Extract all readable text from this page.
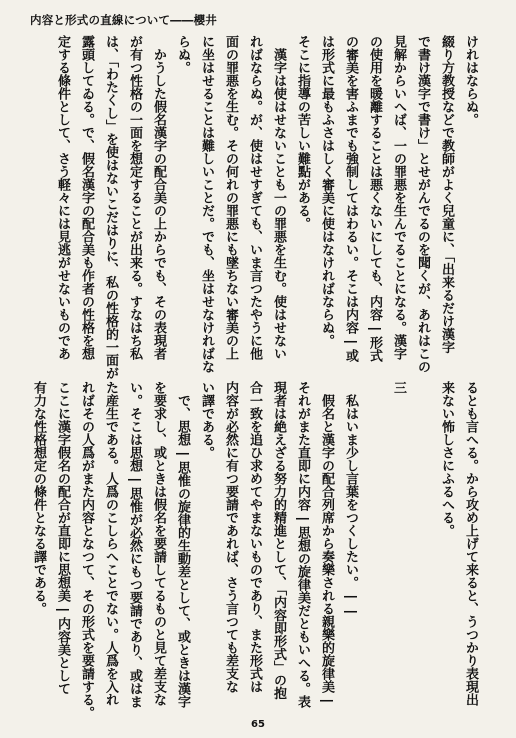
内容と形式の直線について――櫻井
けれはならぬ。
綴り方教授などで教師がよく兒童に、「出来るだけ漢字
で書け漢字で書け」とせがんでるのを聞くが、あれはこの
見解からいへば、一の罪悪を生んでることになる。漢字
の使用を暖離することは悪くないにしても、内容―形式
の審美を害ふまでも強制してはわるい。そこは内容―或
は形式に最もふさはしく審美に使はなければならぬ。
そこに指導の苦しい難點がある。
　漢字は使はせないことも一の罪悪を生む。使はせない
ればならぬ。が、使はせすぎても、いま言つたやうに他
面の罪悪を生む。その何れの罪悪にも墜ちない審美の上
に坐はせることは難しいことだ。でも、坐はせなければな
らぬ。
　かうした假名漢字の配合美の上からでも、その表現者
が有つ性格の一面を想定することが出来る。すなはち私
は、「わたくし」を使はないこだはりに、私の性格的一面が
露頭してゐる。で、假名漢字の配合美も作者の性格を想
定する條件として、さう軽々には見逃がせないものであ
るとも言へる。から攻め上げて来ると、うつかり表現出
来ない怖しさにふるへる。

三

　私はいま少し言葉をつくしたい。――
　假名と漢字の配合列席から奏樂される親樂的旋律美―
それがまた直即に内容―思想の旋律美だともいへる。表
現者は絶えざる努力的精進として、「内容即形式」の抱
合一致を追ひ求めてやまないものであり、また形式は
内容が必然に有つ要請であれば、さう言つても差支な
い譯である。
　で、思想―思惟の旋律的生動差として、或ときは漢字
を要求し、或ときは假名を要請してるものと見て差支な
い。そこは思想―思惟が必然にもつ要請であり、或はま
た産生である。人爲のこしらへことでない。人爲を入れ
ればその人爲がまた内容となつて、その形式を要請する。
ここに漢字假名の配合が直即に思想美―内容美として
有力な性格想定の條件となる譯である。
65
